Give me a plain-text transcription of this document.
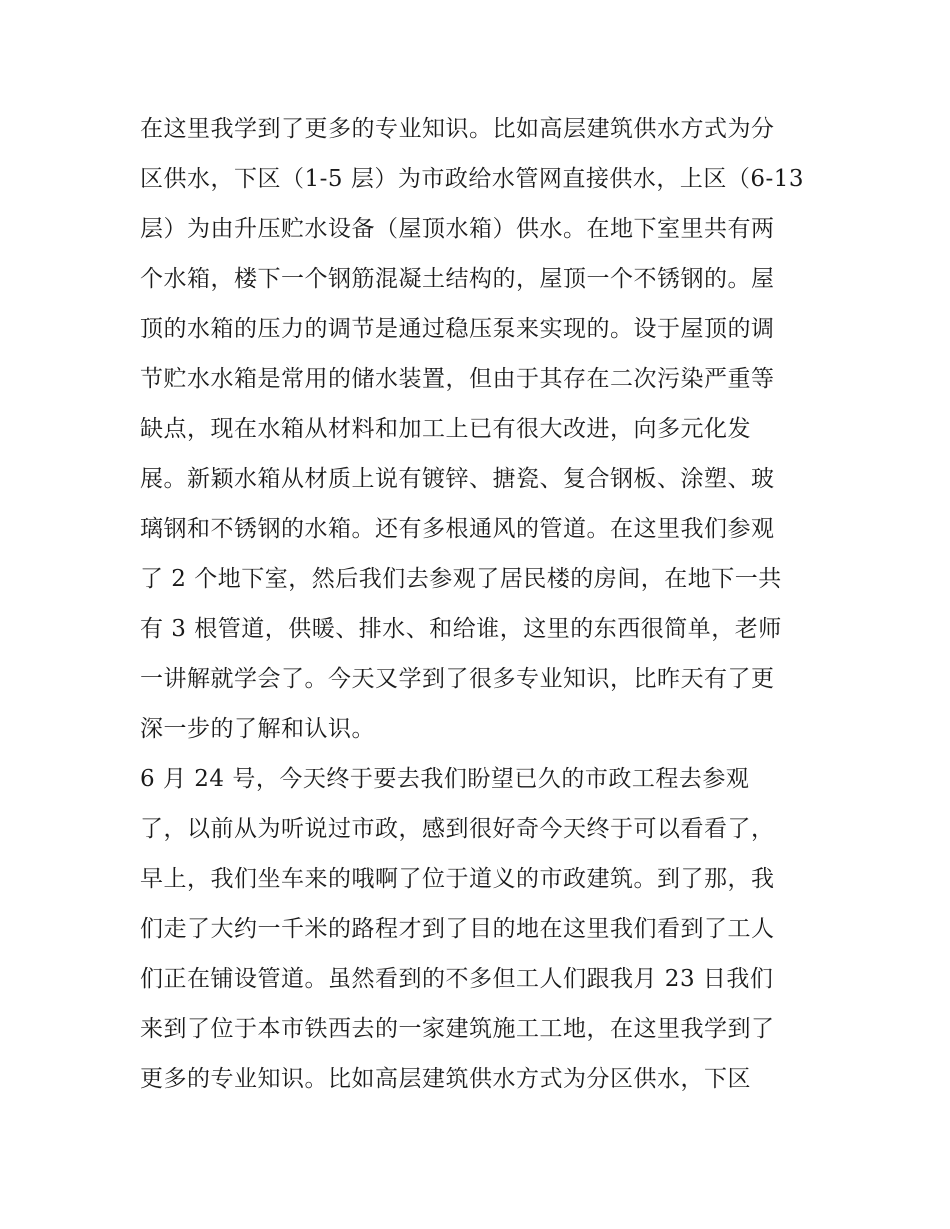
在这里我学到了更多的专业知识。比如高层建筑供水方式为分
区供水，下区（1-5 层）为市政给水管网直接供水，上区（6-13
层）为由升压贮水设备（屋顶水箱）供水。在地下室里共有两
个水箱，楼下一个钢筋混凝土结构的，屋顶一个不锈钢的。屋
顶的水箱的压力的调节是通过稳压泵来实现的。设于屋顶的调
节贮水水箱是常用的储水装置，但由于其存在二次污染严重等
缺点，现在水箱从材料和加工上已有很大改进，向多元化发
展。新颖水箱从材质上说有镀锌、搪瓷、复合钢板、涂塑、玻
璃钢和不锈钢的水箱。还有多根通风的管道。在这里我们参观
了 2 个地下室，然后我们去参观了居民楼的房间，在地下一共
有 3 根管道，供暖、排水、和给谁，这里的东西很简单，老师
一讲解就学会了。今天又学到了很多专业知识，比昨天有了更
深一步的了解和认识。
6 月 24 号，今天终于要去我们盼望已久的市政工程去参观
了，以前从为听说过市政，感到很好奇今天终于可以看看了，
早上，我们坐车来的哦啊了位于道义的市政建筑。到了那，我
们走了大约一千米的路程才到了目的地在这里我们看到了工人
们正在铺设管道。虽然看到的不多但工人们跟我月 23 日我们
来到了位于本市铁西去的一家建筑施工工地，在这里我学到了
更多的专业知识。比如高层建筑供水方式为分区供水，下区
